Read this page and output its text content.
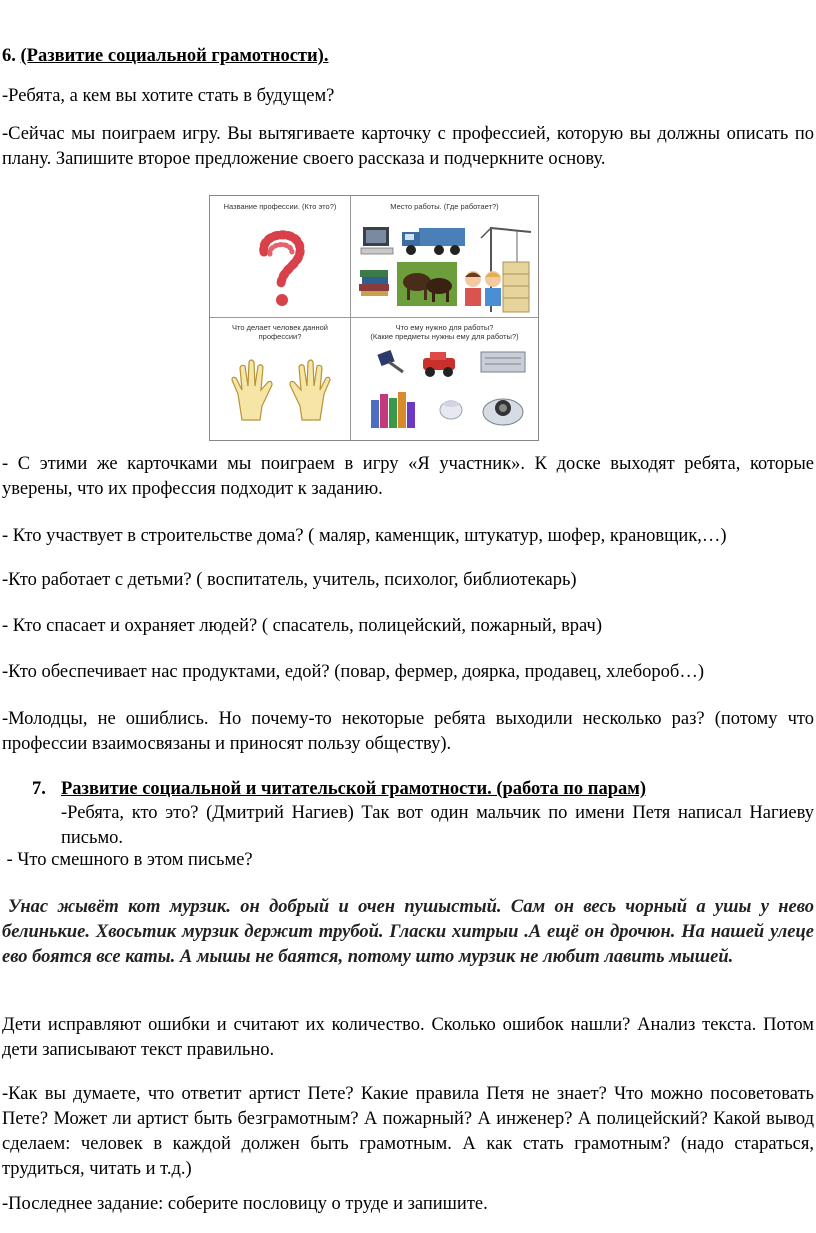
6. (Развитие социальной грамотности).

-Ребята, а кем вы хотите стать в будущем?

-Сейчас мы поиграем игру. Вы вытягиваете карточку с профессией, которую вы должны описать по плану. Запишите второе предложение своего рассказа и подчеркните основу.

Название профессии. (Кто это?)	Место работы. (Где работает?)
Что делает человек данной
профессии?
Что ему нужно для работы?
(Какие предметы нужны ему для работы?)

- С этими же карточками мы поиграем в игру «Я участник». К доске выходят ребята, которые уверены, что их профессия подходит к заданию.

- Кто участвует в строительстве дома? ( маляр, каменщик, штукатур, шофер, крановщик,…)

-Кто работает с детьми? ( воспитатель, учитель, психолог, библиотекарь)

- Кто спасает и охраняет людей? ( спасатель, полицейский, пожарный, врач)

-Кто обеспечивает нас продуктами, едой? (повар, фермер, доярка, продавец, хлебороб…)

-Молодцы, не ошиблись. Но почему-то некоторые ребята выходили несколько раз? (потому что профессии взаимосвязаны и приносят пользу обществу).

7. Развитие социальной и читательской грамотности. (работа по парам)

-Ребята, кто это? (Дмитрий Нагиев) Так вот один мальчик по имени Петя написал Нагиеву письмо.

- Что смешного в этом письме?

Унас жывёт кот мурзик. он добрый и очен пушыстый. Сам он весь чорный а ушы у нево белинькие. Хвосьтик мурзик держит трубой. Гласки хитрыи .А ещё он дрочюн. На нашей улеце ево боятся все каты. А мышы не баятся, потому што мурзик не любит лавить мышей.

Дети исправляют ошибки и считают их количество. Сколько ошибок нашли? Анализ текста. Потом дети записывают текст правильно.

-Как вы думаете, что ответит артист Пете? Какие правила Петя не знает? Что можно посоветовать Пете? Может ли артист быть безграмотным? А пожарный? А инженер? А полицейский? Какой вывод сделаем: человек в каждой должен быть грамотным. А как стать грамотным? (надо стараться, трудиться, читать и т.д.)

-Последнее задание: соберите пословицу о труде и запишите.
